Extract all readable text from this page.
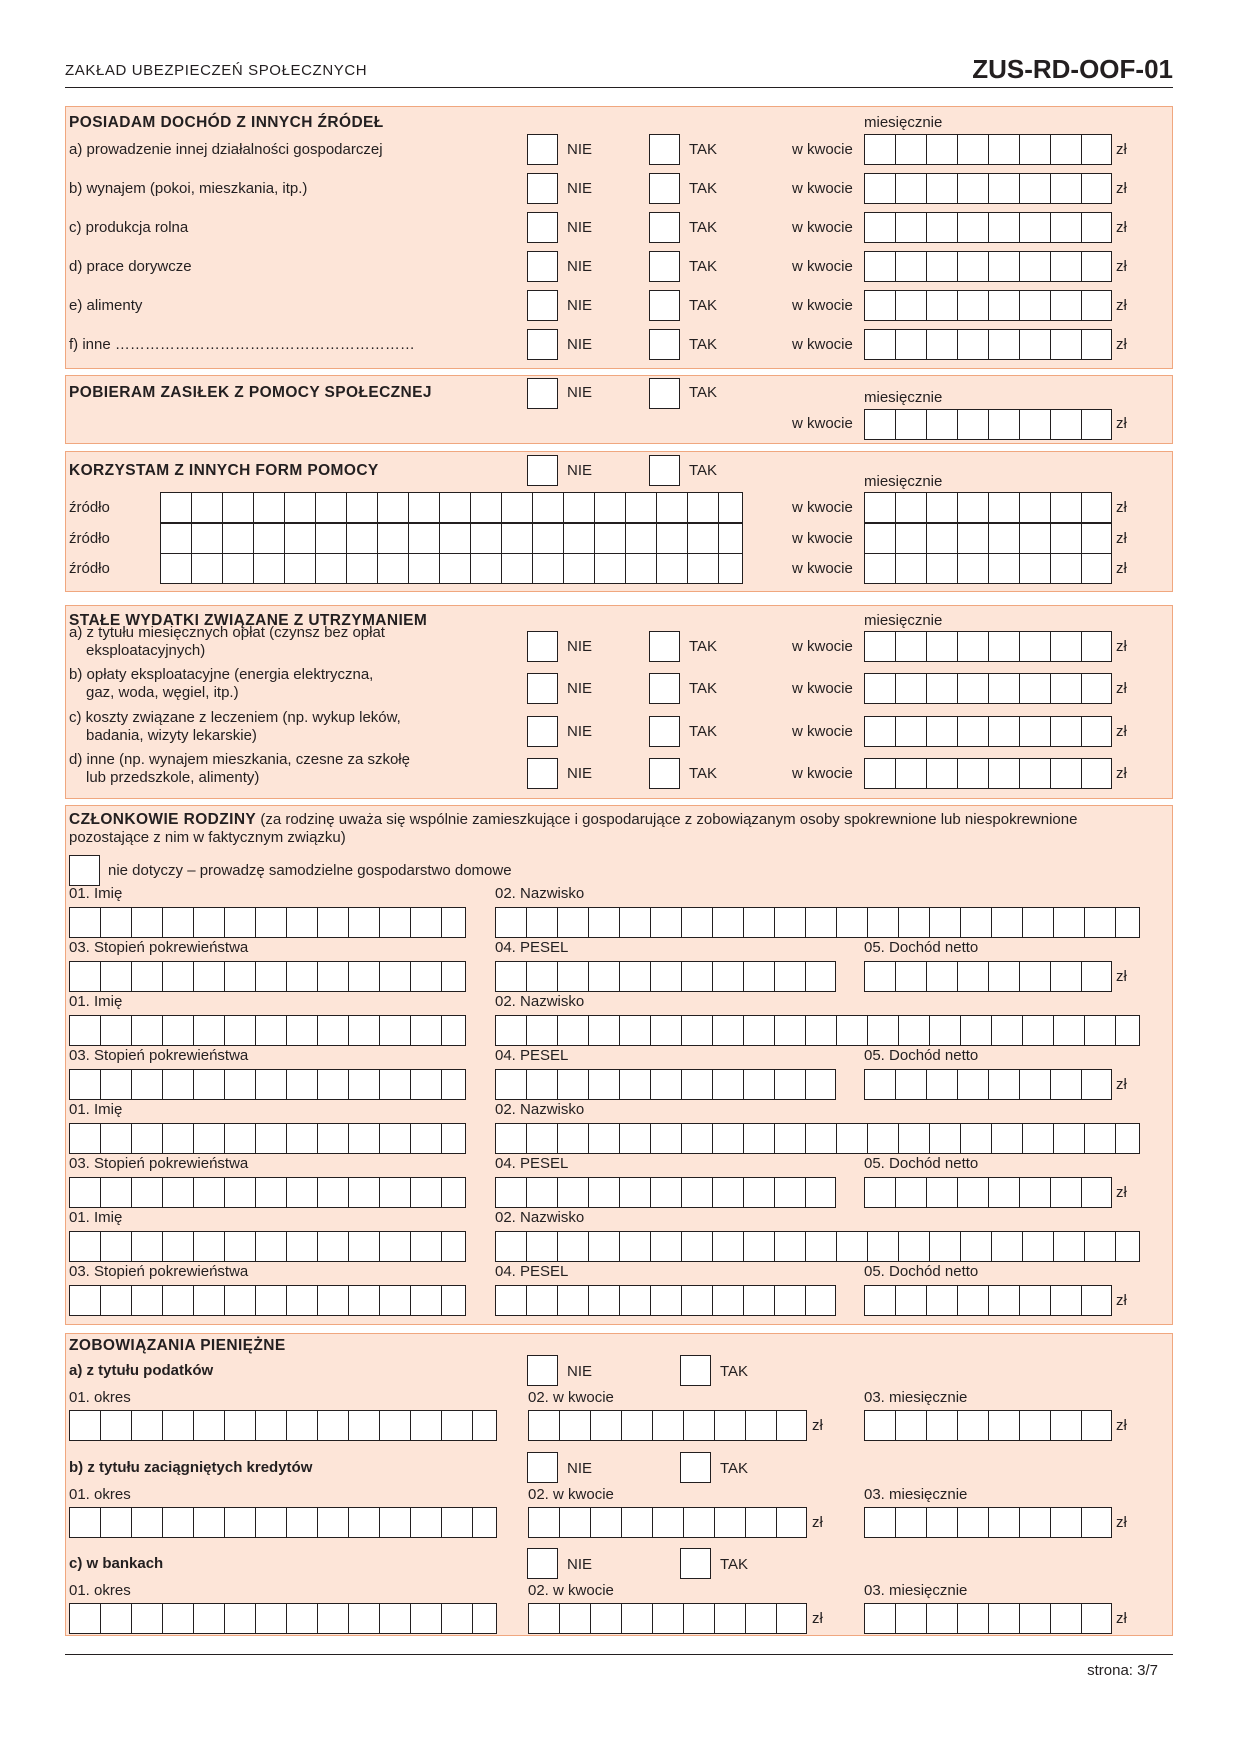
ZAKŁAD UBEZPIECZEŃ SPOŁECZNYCH	ZUS-RD-OOF-01
POSIADAM DOCHÓD Z INNYCH ŹRÓDEŁ	miesięcznie
POBIERAM ZASIŁEK Z POMOCY SPOŁECZNEJ	NIE	TAK	miesięcznie
w kwocie	zł
KORZYSTAM Z INNYCH FORM POMOCY	NIE	TAK
miesięcznie
STAŁE WYDATKI ZWIĄZANE Z UTRZYMANIEM	miesięcznie
CZŁONKOWIE RODZINY (za rodzinę uważa się wspólnie zamieszkujące i gospodarujące z zobowiązanym osoby spokrewnione lub niespokrewnione
pozostające z nim w faktycznym związku)
nie dotyczy – prowadzę samodzielne gospodarstwo domowe
ZOBOWIĄZANIA PIENIĘŻNE
strona: 3/7
a) prowadzenie innej działalności gospodarczej	NIE	TAK	w kwocie	zł
b) wynajem (pokoi, mieszkania, itp.)	NIE	TAK	w kwocie	zł
c) produkcja rolna	NIE	TAK	w kwocie	zł
d) prace dorywcze	NIE	TAK	w kwocie	zł
e) alimenty	NIE	TAK	w kwocie	zł
f) inne ……………………………………………………	NIE	TAK	w kwocie	zł
źródło	w kwocie	zł
źródło	w kwocie	zł
źródło	w kwocie	zł
a) z tytułu miesięcznych opłat (czynsz bez opłat
eksploatacyjnych)	NIE	TAK	w kwocie	zł
b) opłaty eksploatacyjne (energia elektryczna,
gaz, woda, węgiel, itp.)	NIE	TAK	w kwocie	zł
c) koszty związane z leczeniem (np. wykup leków,
badania, wizyty lekarskie)	NIE	TAK	w kwocie	zł
d) inne (np. wynajem mieszkania, czesne za szkołę
lub przedszkole, alimenty)	NIE	TAK	w kwocie	zł
01. Imię	02. Nazwisko
03. Stopień pokrewieństwa	04. PESEL	05. Dochód netto
zł
01. Imię	02. Nazwisko
03. Stopień pokrewieństwa	04. PESEL	05. Dochód netto
zł
01. Imię	02. Nazwisko
03. Stopień pokrewieństwa	04. PESEL	05. Dochód netto
zł
01. Imię	02. Nazwisko
03. Stopień pokrewieństwa	04. PESEL	05. Dochód netto
zł
a) z tytułu podatków	NIE	TAK
01. okres	02. w kwocie	03. miesięcznie
zł	zł
b) z tytułu zaciągniętych kredytów	NIE	TAK
01. okres	02. w kwocie	03. miesięcznie
zł	zł
c) w bankach	NIE	TAK
01. okres	02. w kwocie	03. miesięcznie
zł	zł
